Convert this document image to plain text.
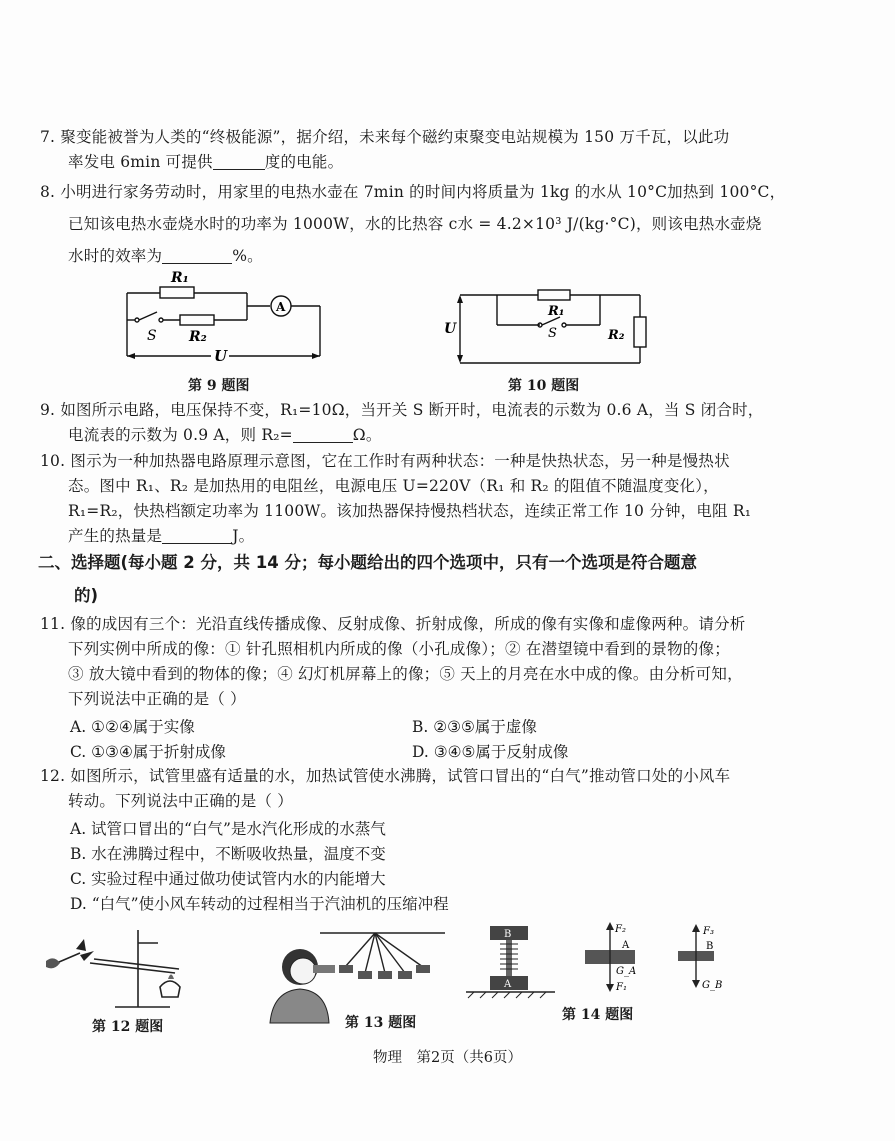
7. 聚变能被誉为人类的“终极能源”，据介绍，未来每个磁约束聚变电站规模为 150 万千瓦，以此功

率发电 6min 可提供	度的电能。

8. 小明进行家务劳动时，用家里的电热水壶在 7min 的时间内将质量为 1kg 的水从 10°C加热到 100°C，

已知该电热水壶烧水时的功率为 1000W，水的比热容 c水 = 4.2×10³ J/(kg·°C)，则该电热水壶烧

水时的效率为	%。

R₁
S R₂
A
U
第 9 题图
R₁
S	R₂
U
第 10 题图

9. 如图所示电路，电压保持不变，R₁=10Ω，当开关 S 断开时，电流表的示数为 0.6 A，当 S 闭合时，

电流表的示数为 0.9 A，则 R₂=	Ω。

10. 图示为一种加热器电路原理示意图，它在工作时有两种状态：一种是快热状态，另一种是慢热状

态。图中 R₁、R₂ 是加热用的电阻丝，电源电压 U=220V（R₁ 和 R₂ 的阻值不随温度变化），

R₁=R₂，快热档额定功率为 1100W。该加热器保持慢热档状态，连续正常工作 10 分钟，电阻 R₁

产生的热量是	J。

二、选择题(每小题 2 分，共 14 分；每小题给出的四个选项中，只有一个选项是符合题意
的)

11. 像的成因有三个：光沿直线传播成像、反射成像、折射成像，所成的像有实像和虚像两种。请分析

下列实例中所成的像：① 针孔照相机内所成的像（小孔成像）；② 在潜望镜中看到的景物的像；

③ 放大镜中看到的物体的像；④ 幻灯机屏幕上的像；⑤ 天上的月亮在水中成的像。由分析可知，

下列说法中正确的是（ ）

A. ①②④属于实像	B. ②③⑤属于虚像
C. ①③④属于折射成像	D. ③④⑤属于反射成像

12. 如图所示，试管里盛有适量的水，加热试管使水沸腾，试管口冒出的“白气”推动管口处的小风车

转动。下列说法中正确的是（ ）

A. 试管口冒出的“白气”是水汽化形成的水蒸气
B. 水在沸腾过程中，不断吸收热量，温度不变
C. 实验过程中通过做功使试管内水的内能增大
D. “白气”使小风车转动的过程相当于汽油机的压缩冲程
第 12 题图	第 13 题图
B
A
F₂
A
G_A
F₁
F₃
B
G_B
第 14 题图
物理　第2页（共6页）
